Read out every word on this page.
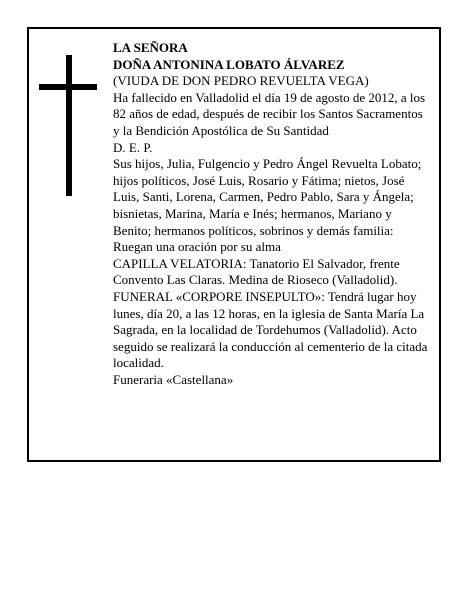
LA SEÑORA

DOÑA ANTONINA LOBATO ÁLVAREZ

(VIUDA DE DON PEDRO REVUELTA VEGA)

Ha fallecido en Valladolid el día 19 de agosto de 2012, a los 82 años de edad, después de recibir los Santos Sacramentos y la Bendición Apostólica de Su Santidad

D. E. P.

Sus hijos, Julia, Fulgencio y Pedro Ángel Revuelta Lobato; hijos políticos, José Luis, Rosario y Fátima; nietos, José Luis, Santi, Lorena, Carmen, Pedro Pablo, Sara y Ángela; bisnietas, Marina, María e Inés; hermanos, Mariano y Benito; hermanos políticos, sobrinos y demás familia:

Ruegan una oración por su alma

CAPILLA VELATORIA: Tanatorio El Salvador, frente Convento Las Claras. Medina de Rioseco (Valladolid).

FUNERAL «CORPORE INSEPULTO»: Tendrá lugar hoy lunes, día 20, a las 12 horas, en la iglesia de Santa María La Sagrada, en la localidad de Tordehumos (Valladolid). Acto seguido se realizará la conducción al cementerio de la citada localidad.

Funeraria «Castellana»
